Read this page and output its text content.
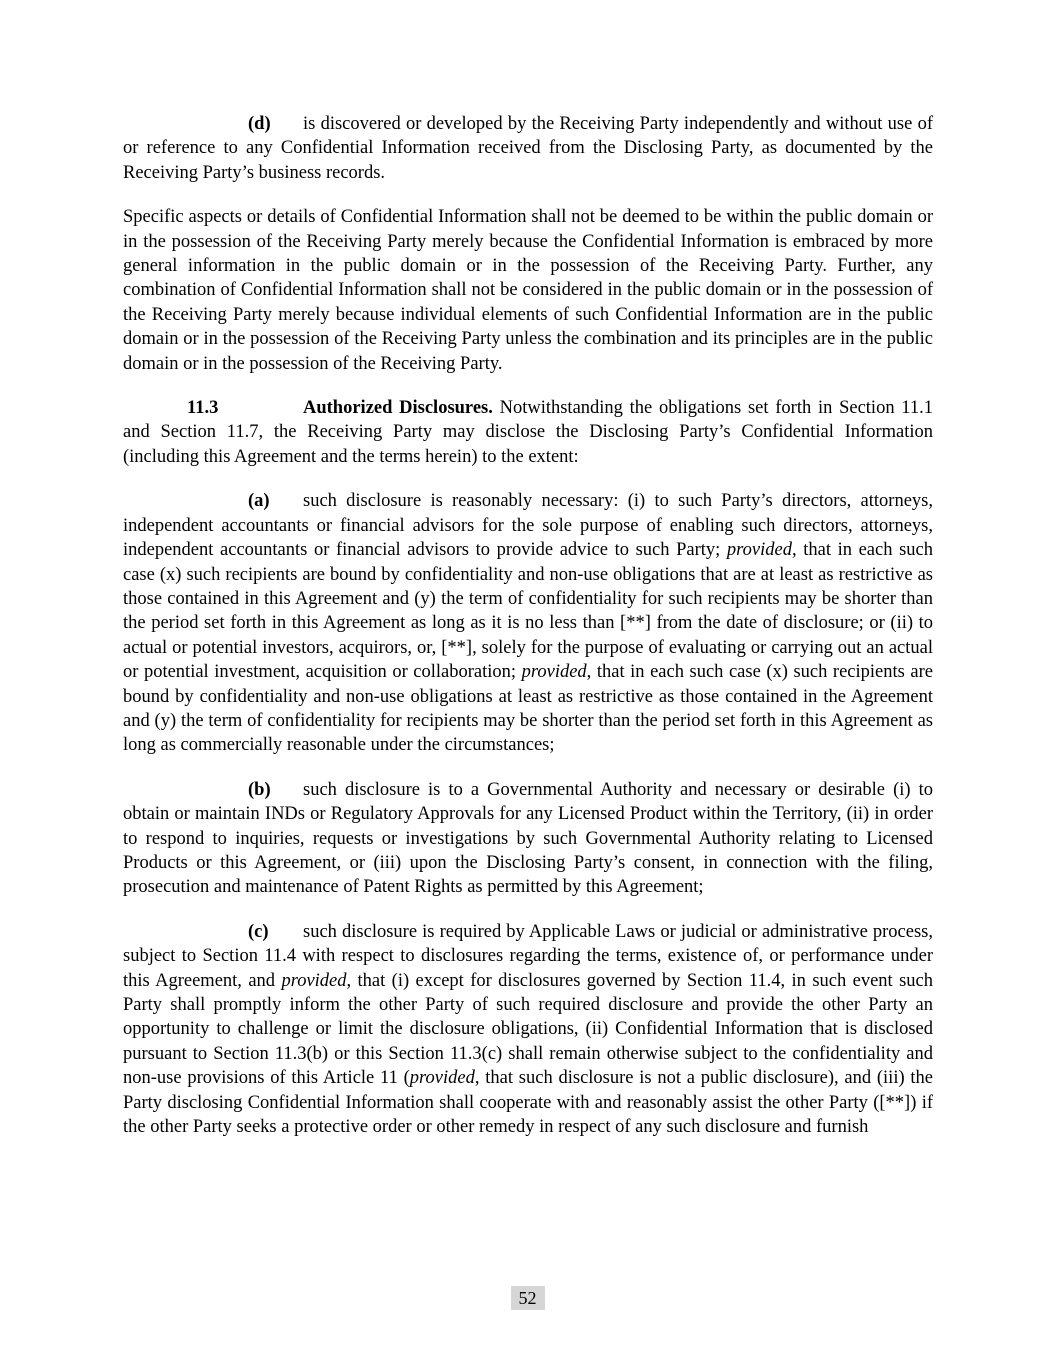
(d) is discovered or developed by the Receiving Party independently and without use of or reference to any Confidential Information received from the Disclosing Party, as documented by the Receiving Party’s business records.

Specific aspects or details of Confidential Information shall not be deemed to be within the public domain or in the possession of the Receiving Party merely because the Confidential Information is embraced by more general information in the public domain or in the possession of the Receiving Party. Further, any combination of Confidential Information shall not be considered in the public domain or in the possession of the Receiving Party merely because individual elements of such Confidential Information are in the public domain or in the possession of the Receiving Party unless the combination and its principles are in the public domain or in the possession of the Receiving Party.

11.3	Authorized Disclosures. Notwithstanding the obligations set forth in Section 11.1 and Section 11.7, the Receiving Party may disclose the Disclosing Party’s Confidential Information (including this Agreement and the terms herein) to the extent:

(a) such disclosure is reasonably necessary: (i) to such Party’s directors, attorneys, independent accountants or financial advisors for the sole purpose of enabling such directors, attorneys, independent accountants or financial advisors to provide advice to such Party; provided, that in each such case (x) such recipients are bound by confidentiality and non-use obligations that are at least as restrictive as those contained in this Agreement and (y) the term of confidentiality for such recipients may be shorter than the period set forth in this Agreement as long as it is no less than [**] from the date of disclosure; or (ii) to actual or potential investors, acquirors, or, [**], solely for the purpose of evaluating or carrying out an actual or potential investment, acquisition or collaboration; provided, that in each such case (x) such recipients are bound by confidentiality and non-use obligations at least as restrictive as those contained in the Agreement and (y) the term of confidentiality for recipients may be shorter than the period set forth in this Agreement as long as commercially reasonable under the circumstances;

(b) such disclosure is to a Governmental Authority and necessary or desirable (i) to obtain or maintain INDs or Regulatory Approvals for any Licensed Product within the Territory, (ii) in order to respond to inquiries, requests or investigations by such Governmental Authority relating to Licensed Products or this Agreement, or (iii) upon the Disclosing Party’s consent, in connection with the filing, prosecution and maintenance of Patent Rights as permitted by this Agreement;

(c) such disclosure is required by Applicable Laws or judicial or administrative process, subject to Section 11.4 with respect to disclosures regarding the terms, existence of, or performance under this Agreement, and provided, that (i) except for disclosures governed by Section 11.4, in such event such Party shall promptly inform the other Party of such required disclosure and provide the other Party an opportunity to challenge or limit the disclosure obligations, (ii) Confidential Information that is disclosed pursuant to Section 11.3(b) or this Section 11.3(c) shall remain otherwise subject to the confidentiality and non-use provisions of this Article 11 (provided, that such disclosure is not a public disclosure), and (iii) the Party disclosing Confidential Information shall cooperate with and reasonably assist the other Party ([**]) if the other Party seeks a protective order or other remedy in respect of any such disclosure and furnish

52
